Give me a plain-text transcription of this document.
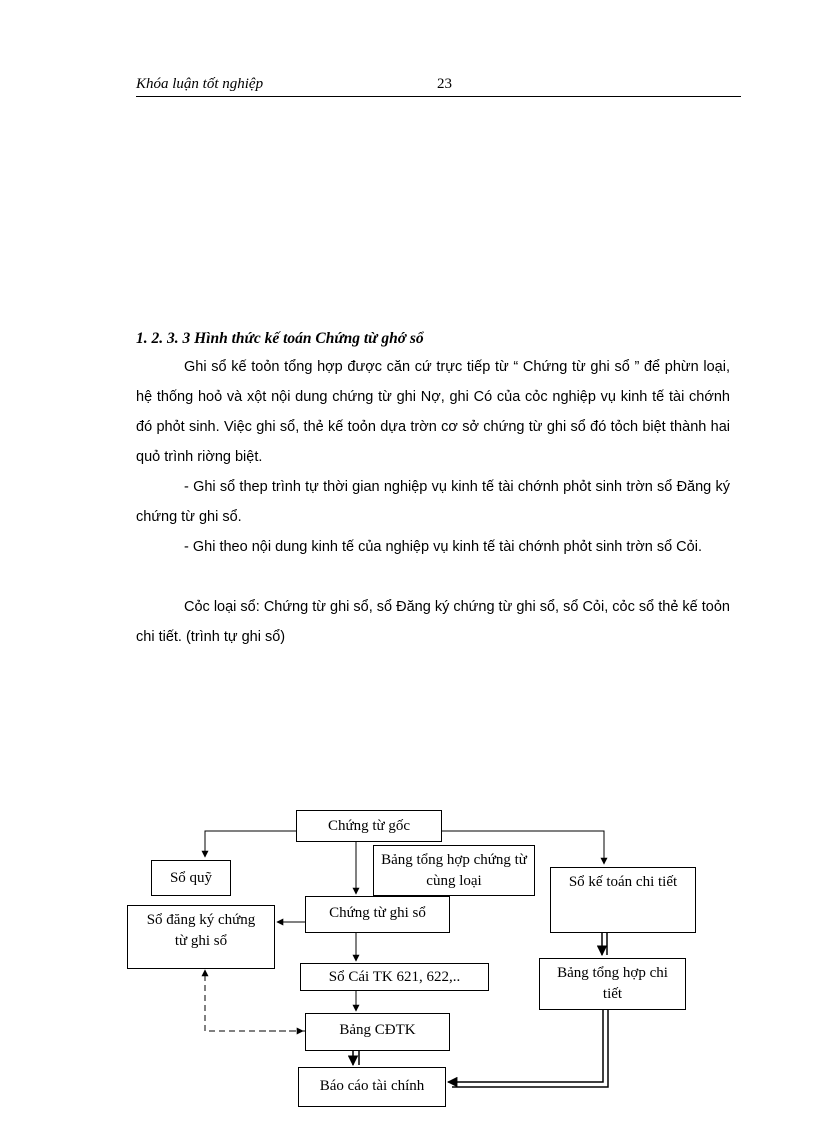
Khóa luận tốt nghiệp	23
1. 2. 3. 3 Hình thức kế toán Chứng từ ghớ sổ

Ghi sổ kế toỏn tổng hợp được căn cứ trực tiếp từ “ Chứng từ ghi sổ ” để phừn loại, hệ thống hoỏ và xột nội dung chứng từ ghi Nợ, ghi Có của cỏc nghiệp vụ kinh tế tài chớnh đó phỏt sinh. Việc ghi sổ, thẻ kế toỏn dựa trờn cơ sở chứng từ ghi sổ đó tỏch biệt thành hai quỏ trình riờng biệt.

- Ghi sổ thep trình tự thời gian nghiệp vụ kinh tế tài chớnh phỏt sinh trờn sổ Đăng ký chứng từ ghi sổ.

- Ghi theo nội dung kinh tế của nghiệp vụ kinh tế tài chớnh phỏt sinh trờn sổ Cỏi.

Cỏc loại sổ: Chứng từ ghi sổ, sổ Đăng ký chứng từ ghi sổ, sổ Cỏi, cỏc sổ thẻ kế toỏn chi tiết. (trình tự ghi sổ)

Chứng từ gốc
Sổ quỹ
Bảng tổng hợp chứng từ cùng loại	Sổ kế toán chi tiết
Sổ đăng ký chứng từ ghi sổ
Chứng từ ghi sổ
Sổ Cái TK 621, 622,..	Bảng tổng hợp chi tiết
Bảng CĐTK
Báo cáo tài chính
